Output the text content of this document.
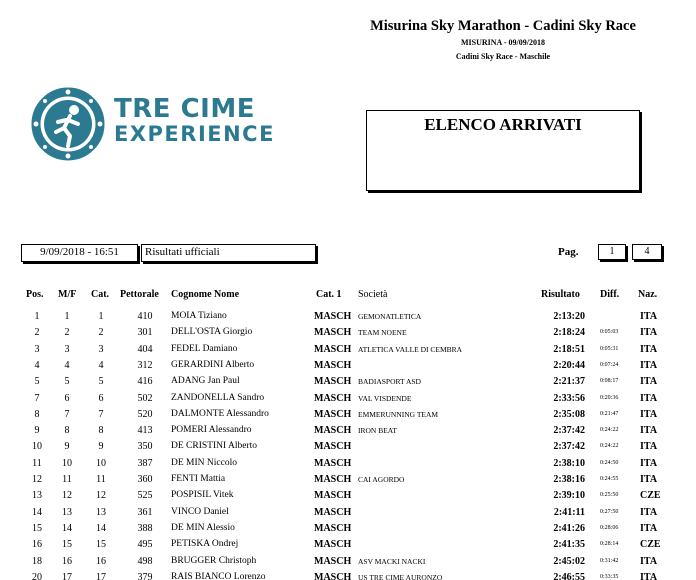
Misurina Sky Marathon - Cadini Sky Race
MISURINA - 09/09/2018
Cadini Sky Race - Maschile
TRE CIME
EXPERIENCE	ELENCO ARRIVATI
9/09/2018 - 16:51	Risultati ufficiali	Pag.	1	4
Pos. M/F Cat. Pettorale Cognome Nome	Cat. 1 Società	Risultato Diff. Naz.
1	1	1	410	MOIA Tiziano	MASCH GEMONATLETICA	2:13:20	ITA
2	2	2	301	DELL'OSTA Giorgio	MASCH TEAM NOENE	2:18:24	0:05:03 ITA
3	3	3	404	FEDEL Damiano	MASCH ATLETICA VALLE DI CEMBRA	2:18:51	0:05:31 ITA
4	4	4	312	GERARDINI Alberto	MASCH	2:20:44	0:07:24 ITA
5	5	5	416	ADANG Jan Paul	MASCH BADIASPORT ASD	2:21:37	0:08:17 ITA
7	6	6	502	ZANDONELLA Sandro	MASCH VAL VISDENDE	2:33:56	0:20:36 ITA
8	7	7	520	DALMONTE Alessandro	MASCH EMMERUNNING TEAM	2:35:08	0:21:47 ITA
9	8	8	413	POMERI Alessandro	MASCH IRON BEAT	2:37:42	0:24:22 ITA
10	9	9	350	DE CRISTINI Alberto	MASCH	2:37:42	0:24:22 ITA
11	10	10	387	DE MIN Niccolo	MASCH	2:38:10	0:24:50 ITA
12	11	11	360	FENTI Mattia	MASCH CAI AGORDO	2:38:16	0:24:55 ITA
13	12	12	525	POSPISIL Vitek	MASCH	2:39:10	0:25:50 CZE
14	13	13	361	VINCO Daniel	MASCH	2:41:11	0:27:50 ITA
15	14	14	388	DE MIN Alessio	MASCH	2:41:26	0:28:06 ITA
16	15	15	495	PETISKA Ondrej	MASCH	2:41:35	0:28:14 CZE
18	16	16	498	BRUGGER Christoph	MASCH ASV MACKI NACKI	2:45:02	0:31:42 ITA
20	17	17	379	RAIS BIANCO Lorenzo	MASCH US TRE CIME AURONZO	2:46:55	0:33:35 ITA
